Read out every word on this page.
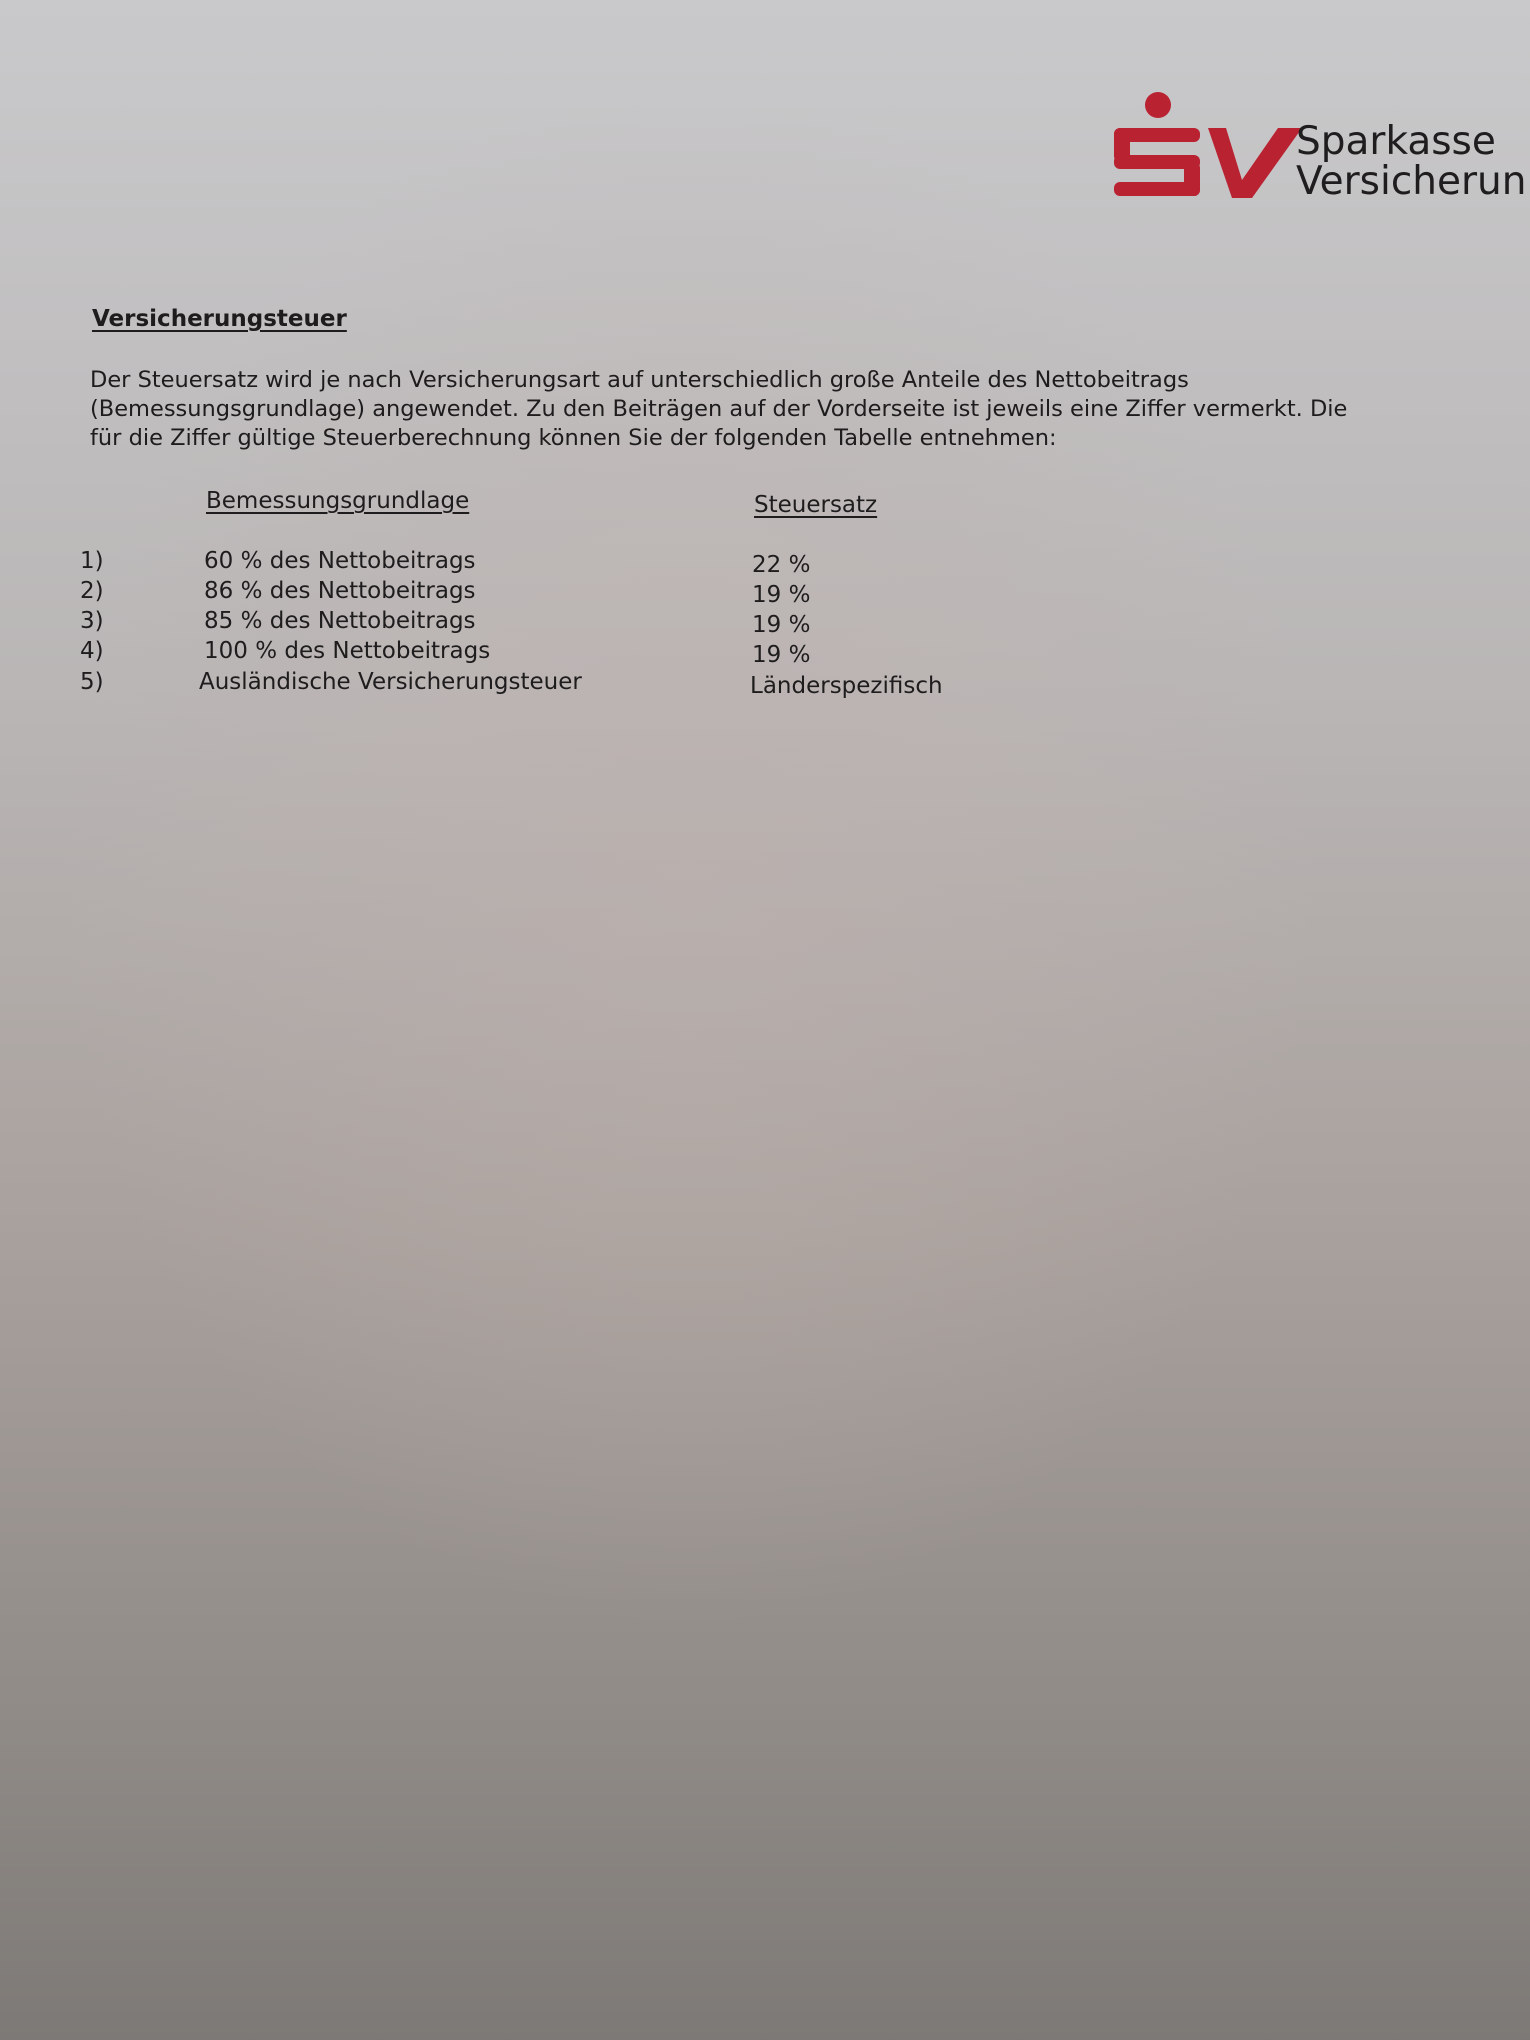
Sparkasse
Versicherun
Versicherungsteuer
Der Steuersatz wird je nach Versicherungsart auf unterschiedlich große Anteile des Nettobeitrags
(Bemessungsgrundlage) angewendet. Zu den Beiträgen auf der Vorderseite ist jeweils eine Ziffer vermerkt. Die
für die Ziffer gültige Steuerberechnung können Sie der folgenden Tabelle entnehmen:
Bemessungsgrundlage	Steuersatz
1)	60 % des Nettobeitrags	22 %
2)	86 % des Nettobeitrags	19 %
3)	85 % des Nettobeitrags	19 %
4)	100 % des Nettobeitrags	19 %
5)	Ausländische Versicherungsteuer	Länderspezifisch
